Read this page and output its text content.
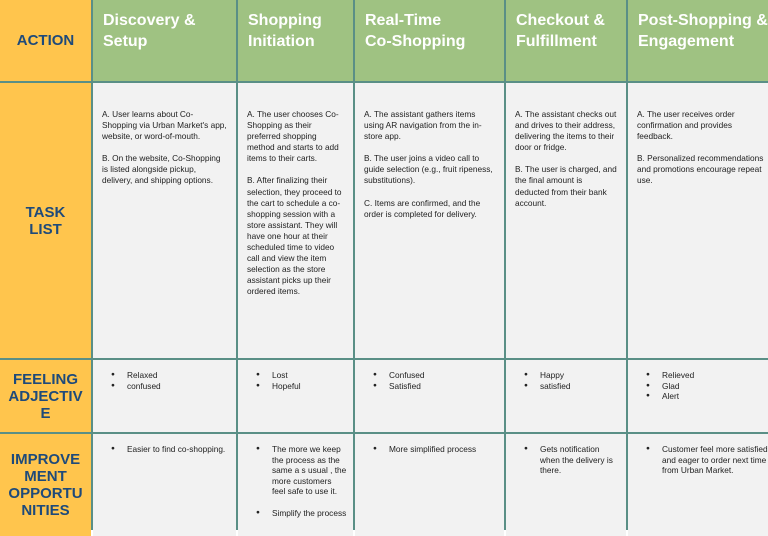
ACTION
Discovery &
Setup
Shopping
Initiation
Real-Time
Co-Shopping
Checkout &
Fulfillment
Post-Shopping &
Engagement
TASK
LIST

A. User learns about Co-Shopping via Urban Market's app, website, or word-of-mouth.

B. On the website, Co-Shopping is listed alongside pickup, delivery, and shipping options.

A. The user chooses Co-Shopping as their preferred shopping method and starts to add items to their carts.

B. After finalizing their selection, they proceed to the cart to schedule a co-shopping session with a store assistant. They will have one hour at their scheduled time to video call and view the item selection as the store assistant picks up their ordered items.

A. The assistant gathers items using AR navigation from the in-store app.

B. The user joins a video call to guide selection (e.g., fruit ripeness, substitutions).

C. Items are confirmed, and the order is completed for delivery.

A. The assistant checks out and drives to their address, delivering the items to their door or fridge.

B. The user is charged, and the final amount is deducted from their bank account.

A. The user receives order confirmation and provides feedback.

B. Personalized recommendations and promotions encourage repeat use.

FEELING
ADJECTIV
E
● Relaxed
● confused
● Lost
● Hopeful
● Confused
● Satisfied
● Happy
● satisfied
● Relieved
● Glad
● Alert
IMPROVE
MENT
OPPORTU
NITIES
● Easier to find co-shopping.	● The more we keep the process as the same a s usual , the more customers feel safe to use it.
● Simplify the process
● More simplified process	● Gets notification when the delivery is there.
● Customer feel more satisfied and eager to order next time from Urban Market.
